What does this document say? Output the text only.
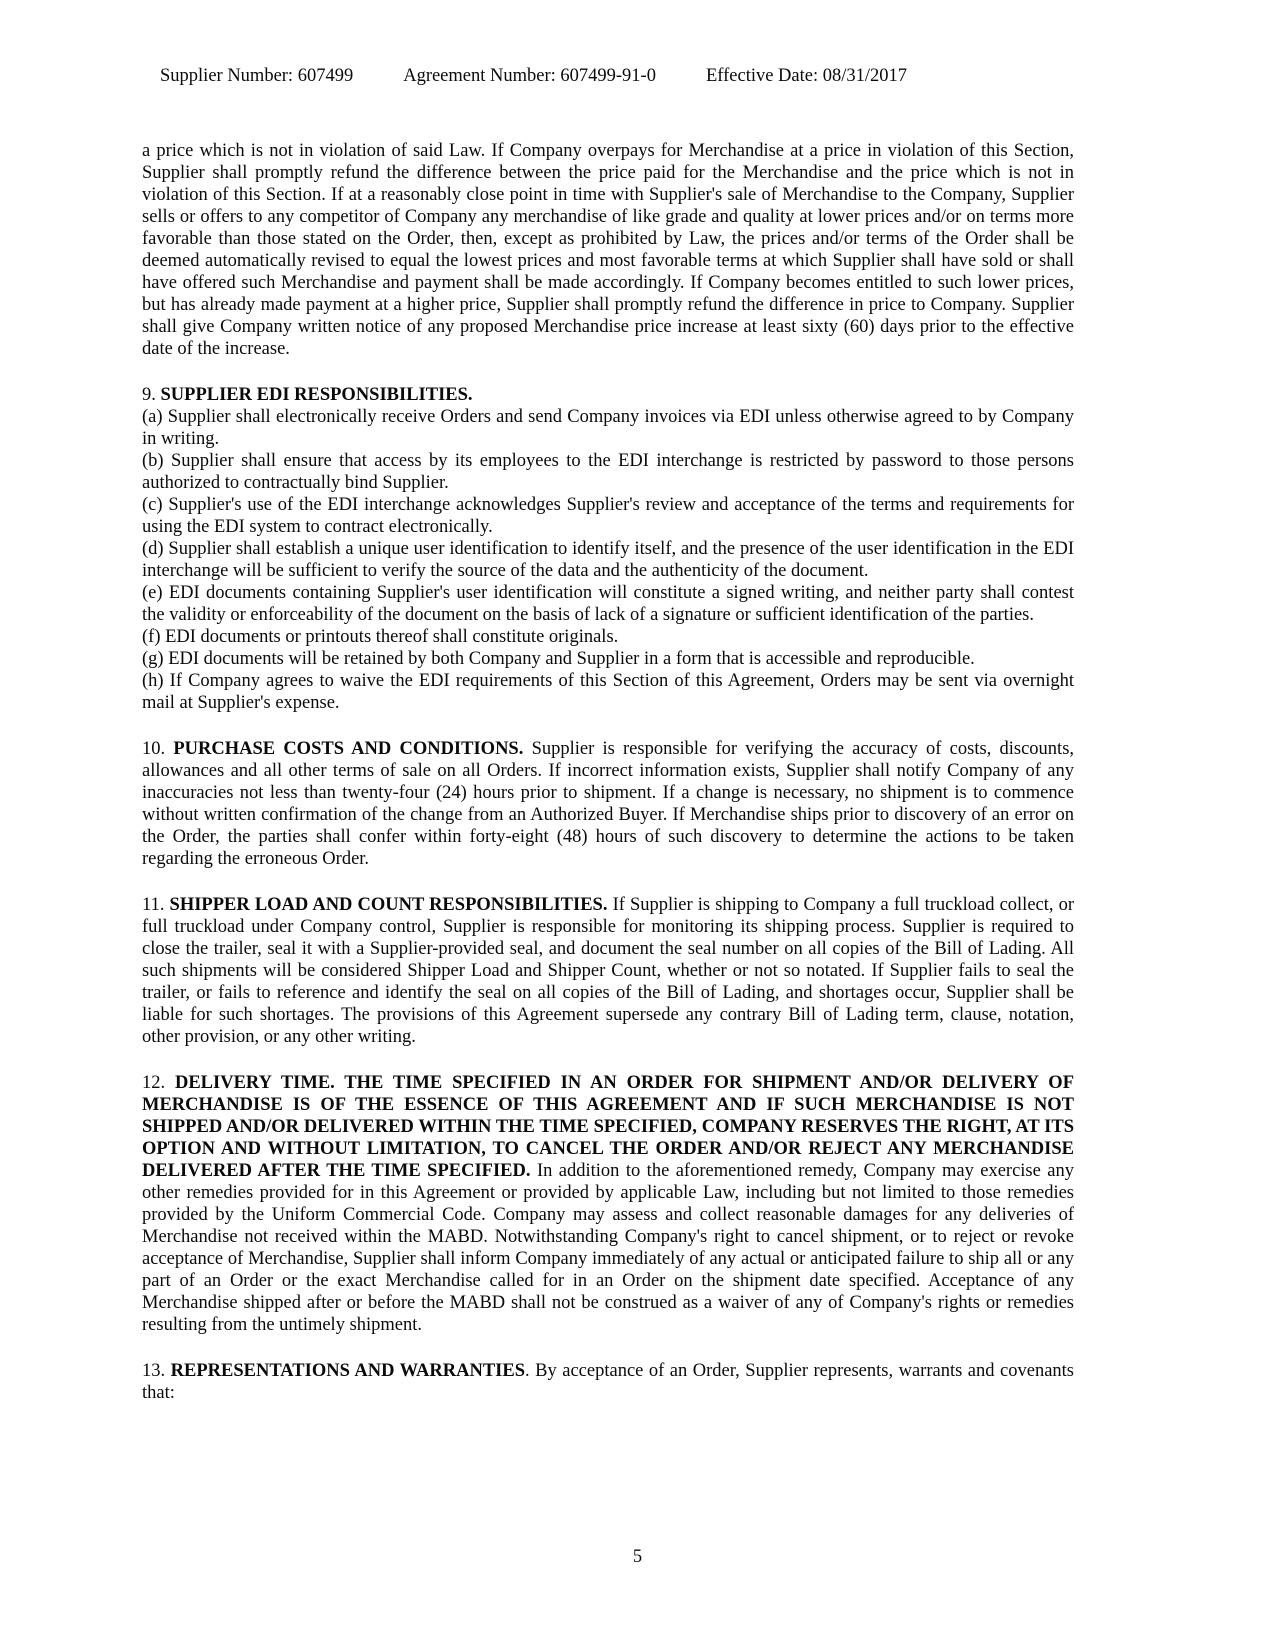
Supplier Number: 607499	Agreement Number: 607499-91-0	Effective Date: 08/31/2017

a price which is not in violation of said Law. If Company overpays for Merchandise at a price in violation of this Section, Supplier shall promptly refund the difference between the price paid for the Merchandise and the price which is not in violation of this Section. If at a reasonably close point in time with Supplier's sale of Merchandise to the Company, Supplier sells or offers to any competitor of Company any merchandise of like grade and quality at lower prices and/or on terms more favorable than those stated on the Order, then, except as prohibited by Law, the prices and/or terms of the Order shall be deemed automatically revised to equal the lowest prices and most favorable terms at which Supplier shall have sold or shall have offered such Merchandise and payment shall be made accordingly. If Company becomes entitled to such lower prices, but has already made payment at a higher price, Supplier shall promptly refund the difference in price to Company. Supplier shall give Company written notice of any proposed Merchandise price increase at least sixty (60) days prior to the effective date of the increase.

9. SUPPLIER EDI RESPONSIBILITIES.

(a) Supplier shall electronically receive Orders and send Company invoices via EDI unless otherwise agreed to by Company in writing.

(b) Supplier shall ensure that access by its employees to the EDI interchange is restricted by password to those persons authorized to contractually bind Supplier.

(c) Supplier's use of the EDI interchange acknowledges Supplier's review and acceptance of the terms and requirements for using the EDI system to contract electronically.

(d) Supplier shall establish a unique user identification to identify itself, and the presence of the user identification in the EDI interchange will be sufficient to verify the source of the data and the authenticity of the document.

(e) EDI documents containing Supplier's user identification will constitute a signed writing, and neither party shall contest the validity or enforceability of the document on the basis of lack of a signature or sufficient identification of the parties.

(f) EDI documents or printouts thereof shall constitute originals.

(g) EDI documents will be retained by both Company and Supplier in a form that is accessible and reproducible.

(h) If Company agrees to waive the EDI requirements of this Section of this Agreement, Orders may be sent via overnight mail at Supplier's expense.

10. PURCHASE COSTS AND CONDITIONS. Supplier is responsible for verifying the accuracy of costs, discounts, allowances and all other terms of sale on all Orders. If incorrect information exists, Supplier shall notify Company of any inaccuracies not less than twenty-four (24) hours prior to shipment. If a change is necessary, no shipment is to commence without written confirmation of the change from an Authorized Buyer. If Merchandise ships prior to discovery of an error on the Order, the parties shall confer within forty-eight (48) hours of such discovery to determine the actions to be taken regarding the erroneous Order.

11. SHIPPER LOAD AND COUNT RESPONSIBILITIES. If Supplier is shipping to Company a full truckload collect, or full truckload under Company control, Supplier is responsible for monitoring its shipping process. Supplier is required to close the trailer, seal it with a Supplier-provided seal, and document the seal number on all copies of the Bill of Lading. All such shipments will be considered Shipper Load and Shipper Count, whether or not so notated. If Supplier fails to seal the trailer, or fails to reference and identify the seal on all copies of the Bill of Lading, and shortages occur, Supplier shall be liable for such shortages. The provisions of this Agreement supersede any contrary Bill of Lading term, clause, notation, other provision, or any other writing.

12. DELIVERY TIME. THE TIME SPECIFIED IN AN ORDER FOR SHIPMENT AND/OR DELIVERY OF MERCHANDISE IS OF THE ESSENCE OF THIS AGREEMENT AND IF SUCH MERCHANDISE IS NOT SHIPPED AND/OR DELIVERED WITHIN THE TIME SPECIFIED, COMPANY RESERVES THE RIGHT, AT ITS OPTION AND WITHOUT LIMITATION, TO CANCEL THE ORDER AND/OR REJECT ANY MERCHANDISE DELIVERED AFTER THE TIME SPECIFIED. In addition to the aforementioned remedy, Company may exercise any other remedies provided for in this Agreement or provided by applicable Law, including but not limited to those remedies provided by the Uniform Commercial Code. Company may assess and collect reasonable damages for any deliveries of Merchandise not received within the MABD. Notwithstanding Company's right to cancel shipment, or to reject or revoke acceptance of Merchandise, Supplier shall inform Company immediately of any actual or anticipated failure to ship all or any part of an Order or the exact Merchandise called for in an Order on the shipment date specified. Acceptance of any Merchandise shipped after or before the MABD shall not be construed as a waiver of any of Company's rights or remedies resulting from the untimely shipment.

13. REPRESENTATIONS AND WARRANTIES. By acceptance of an Order, Supplier represents, warrants and covenants that:

5
